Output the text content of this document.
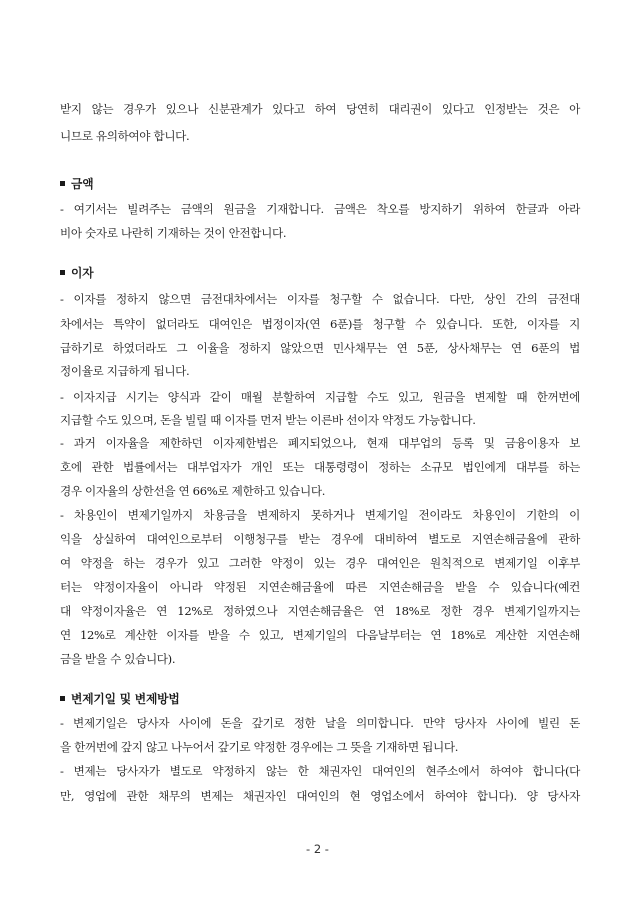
받지 않는 경우가 있으나 신분관계가 있다고 하여 당연히 대리권이 있다고 인정받는 것은 아
니므로 유의하여야 합니다.
금액
- 여기서는 빌려주는 금액의 원금을 기재합니다. 금액은 착오를 방지하기 위하여 한글과 아라
비아 숫자로 나란히 기재하는 것이 안전합니다.
이자
- 이자를 정하지 않으면 금전대차에서는 이자를 청구할 수 없습니다. 다만, 상인 간의 금전대
차에서는 특약이 없더라도 대여인은 법정이자(연 6푼)를 청구할 수 있습니다. 또한, 이자를 지
급하기로 하였더라도 그 이율을 정하지 않았으면 민사채무는 연 5푼, 상사채무는 연 6푼의 법
정이율로 지급하게 됩니다.
- 이자지급 시기는 양식과 같이 매월 분할하여 지급할 수도 있고, 원금을 변제할 때 한꺼번에
지급할 수도 있으며, 돈을 빌릴 때 이자를 먼저 받는 이른바 선이자 약정도 가능합니다.
- 과거 이자율을 제한하던 이자제한법은 폐지되었으나, 현재 대부업의 등록 및 금융이용자 보
호에 관한 법률에서는 대부업자가 개인 또는 대통령령이 정하는 소규모 법인에게 대부를 하는
경우 이자율의 상한선을 연 66%로 제한하고 있습니다.
- 차용인이 변제기일까지 차용금을 변제하지 못하거나 변제기일 전이라도 차용인이 기한의 이
익을 상실하여 대여인으로부터 이행청구를 받는 경우에 대비하여 별도로 지연손해금율에 관하
여 약정을 하는 경우가 있고 그러한 약정이 있는 경우 대여인은 원칙적으로 변제기일 이후부
터는 약정이자율이 아니라 약정된 지연손해금율에 따른 지연손해금을 받을 수 있습니다(예컨
대 약정이자율은 연 12%로 정하였으나 지연손해금율은 연 18%로 정한 경우 변제기일까지는
연 12%로 계산한 이자를 받을 수 있고, 변제기일의 다음날부터는 연 18%로 계산한 지연손해
금을 받을 수 있습니다).
변제기일 및 변제방법
- 변제기일은 당사자 사이에 돈을 갚기로 정한 날을 의미합니다. 만약 당사자 사이에 빌린 돈
을 한꺼번에 갚지 않고 나누어서 갚기로 약정한 경우에는 그 뜻을 기재하면 됩니다.
- 변제는 당사자가 별도로 약정하지 않는 한 채권자인 대여인의 현주소에서 하여야 합니다(다
만, 영업에 관한 채무의 변제는 채권자인 대여인의 현 영업소에서 하여야 합니다). 양 당사자
- 2 -
